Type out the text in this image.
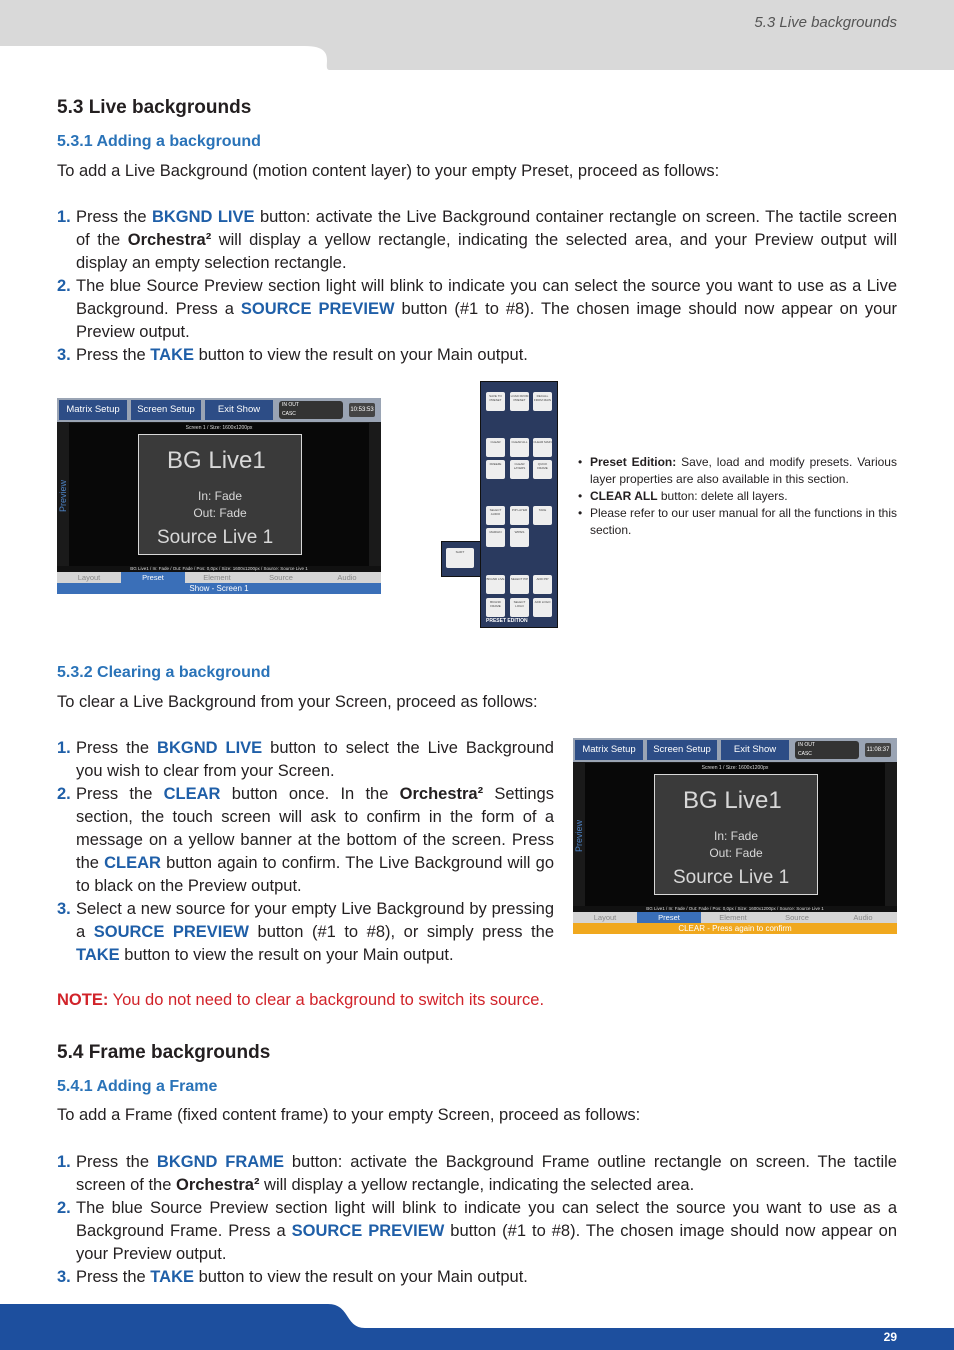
5.3 Live backgrounds
5.3 Live backgrounds
5.3.1 Adding a background
To add a Live Background (motion content layer) to your empty Preset, proceed as follows:
1. Press the BKGND LIVE button: activate the Live Background container rectangle on screen. The tactile screen of the Orchestra² will display a yellow rectangle, indicating the selected area, and your Preview output will display an empty selection rectangle.
2. The blue Source Preview section light will blink to indicate you can select the source you want to use as a Live Background. Press a SOURCE PREVIEW button (#1 to #8). The chosen image should now appear on your Preview output.
3. Press the TAKE button to view the result on your Main output.
Matrix Setup	Screen Setup	Exit Show	IN OUT
CASC
10:53:53
Screen 1 / Size: 1600x1200px
BG Live1
In: Fade
Out: Fade
Source Live 1
Preview
BG Live1 / In: Fade / Out: Fade / Pos: 0,0px / Size: 1600x1200px / Source: Source Live 1
Layout	Preset	Element	Source	Audio
Show - Screen 1
PRESET EDITION
SAVE TO PRESET
LOAD FROM PRESET
RECALL FROM MAIN
CLEAR	CLEAR ALL	CLEAR MAIN
FREEZE	CLEAR LAYERS
QUICK FRAME
SELECT AUDIO
PIP LAYER	TAKE
MARGIN	WIPES
BKGND LIVE SELECT PIP	ADD PIP
BKGND FRAME
SELECT LOGO
ADD LOGO
SHIFT

• Preset Edition: Save, load and modify presets. Various layer properties are also available in this section.

• CLEAR ALL button: delete all layers.

• Please refer to our user manual for all the functions in this section.

5.3.2 Clearing a background
To clear a Live Background from your Screen, proceed as follows:
1. Press the BKGND LIVE button to select the Live Background you wish to clear from your Screen.
2. Press the CLEAR button once. In the Orchestra² Settings section, the touch screen will ask to confirm in the form of a message on a yellow banner at the bottom of the screen. Press the CLEAR button again to confirm. The Live Background will go to black on the Preview output.
3. Select a new source for your empty Live Background by pressing a SOURCE PREVIEW button (#1 to #8), or simply press the TAKE button to view the result on your Main output.
Matrix Setup	Screen Setup	Exit Show	IN OUT
CASC
11:08:37
Screen 1 / Size: 1600x1200px
BG Live1
In: Fade
Out: Fade
Source Live 1
Preview
BG Live1 / In: Fade / Out: Fade / Pos: 0,0px / Size: 1600x1200px / Source: Source Live 1
Layout	Preset	Element	Source	Audio
CLEAR - Press again to confirm
NOTE: You do not need to clear a background to switch its source.
5.4 Frame backgrounds
5.4.1 Adding a Frame
To add a Frame (fixed content frame) to your empty Screen, proceed as follows:
1. Press the BKGND FRAME button: activate the Background Frame outline rectangle on screen. The tactile screen of the Orchestra² will display a yellow rectangle, indicating the selected area.
2. The blue Source Preview section light will blink to indicate you can select the source you want to use as a Background Frame. Press a SOURCE PREVIEW button (#1 to #8). The chosen image should now appear on your Preview output.
3. Press the TAKE button to view the result on your Main output.
29
